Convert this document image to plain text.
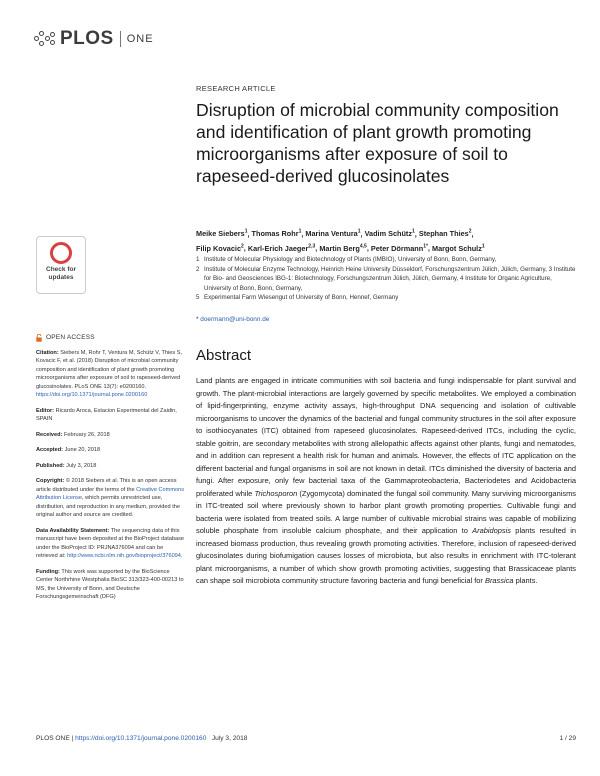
PLOS ONE
RESEARCH ARTICLE
Disruption of microbial community composition and identification of plant growth promoting microorganisms after exposure of soil to rapeseed-derived glucosinolates
Meike Siebers$^1$, Thomas Rohr$^1$, Marina Ventura$^1$, Vadim Schütz$^1$, Stephan Thies$^2$,
Filip Kovacic$^2$, Karl-Erich Jaeger$^{2,3}$, Martin Berg$^{4,5}$, Peter Dörmann$^{1*}$, Margot Schulz$^1$
1 Institute of Molecular Physiology and Biotechnology of Plants (IMBIO), University of Bonn, Bonn, Germany,
2 Institute of Molecular Enzyme Technology, Heinrich Heine University Düsseldorf, Forschungszentrum Jülich, Jülich, Germany, 3 Institute for Bio- and Geosciences IBG-1: Biotechnology, Forschungszentrum Jülich, Jülich, Germany, 4 Institute for Organic Agriculture, University of Bonn, Bonn, Germany,
5 Experimental Farm Wiesengut of University of Bonn, Hennef, Germany
* doermann@uni-bonn.de
Abstract
Land plants are engaged in intricate communities with soil bacteria and fungi indispensable for plant survival and growth. The plant-microbial interactions are largely governed by specific metabolites. We employed a combination of lipid-fingerprinting, enzyme activity assays, high-throughput DNA sequencing and isolation of cultivable microorganisms to uncover the dynamics of the bacterial and fungal community structures in the soil after exposure to isothiocyanates (ITC) obtained from rapeseed glucosinolates. Rapeseed-derived ITCs, including the cyclic, stable goitrin, are secondary metabolites with strong allelopathic affects against other plants, fungi and nematodes, and in addition can represent a health risk for human and animals. However, the effects of ITC application on the different bacterial and fungal organisms in soil are not known in detail. ITCs diminished the diversity of bacteria and fungi. After exposure, only few bacterial taxa of the Gammaproteobacteria, Bacteriodetes and Acidobacteria proliferated while Trichosporon (Zygomycota) dominated the fungal soil community. Many surviving microorganisms in ITC-treated soil where previously shown to harbor plant growth promoting properties. Cultivable fungi and bacteria were isolated from treated soils. A large number of cultivable microbial strains was capable of mobilizing soluble phosphate from insoluble calcium phosphate, and their application to Arabidopsis plants resulted in increased biomass production, thus revealing growth promoting activities. Therefore, inclusion of rapeseed-derived glucosinolates during biofumigation causes losses of microbiota, but also results in enrichment with ITC-tolerant plant microorganisms, a number of which show growth promoting activities, suggesting that Brassicaceae plants can shape soil microbiota community structure favoring bacteria and fungi beneficial for Brassica plants.
Check for
updates
OPEN ACCESS
Citation: Siebers M, Rohr T, Ventura M, Schütz V, Thies S, Kovacic F, et al. (2018) Disruption of microbial community composition and identification of plant growth promoting microorganisms after exposure of soil to rapeseed-derived glucosinolates. PLoS ONE 13(7): e0200160. https://doi.org/10.1371/journal.pone.0200160
Editor: Ricardo Aroca, Estacion Experimental del Zaidin, SPAIN
Received: February 26, 2018
Accepted: June 20, 2018
Published: July 3, 2018
Copyright: © 2018 Siebers et al. This is an open access article distributed under the terms of the Creative Commons Attribution License, which permits unrestricted use, distribution, and reproduction in any medium, provided the original author and source are credited.
Data Availability Statement: The sequencing data of this manuscript have been deposited at the BioProject database under the BioProject ID: PRJNA376094 and can be retrieved at: http://www.ncbi.nlm.nih.gov/bioproject/376094.
Funding: This work was supported by the BioScience Center Northrhine Westphalia BioSC 313/323-400-00213 to MS, the University of Bonn, and Deutsche Forschungsgemeinschaft (DFG)
PLOS ONE | https://doi.org/10.1371/journal.pone.0200160 July 3, 2018	1 / 29
